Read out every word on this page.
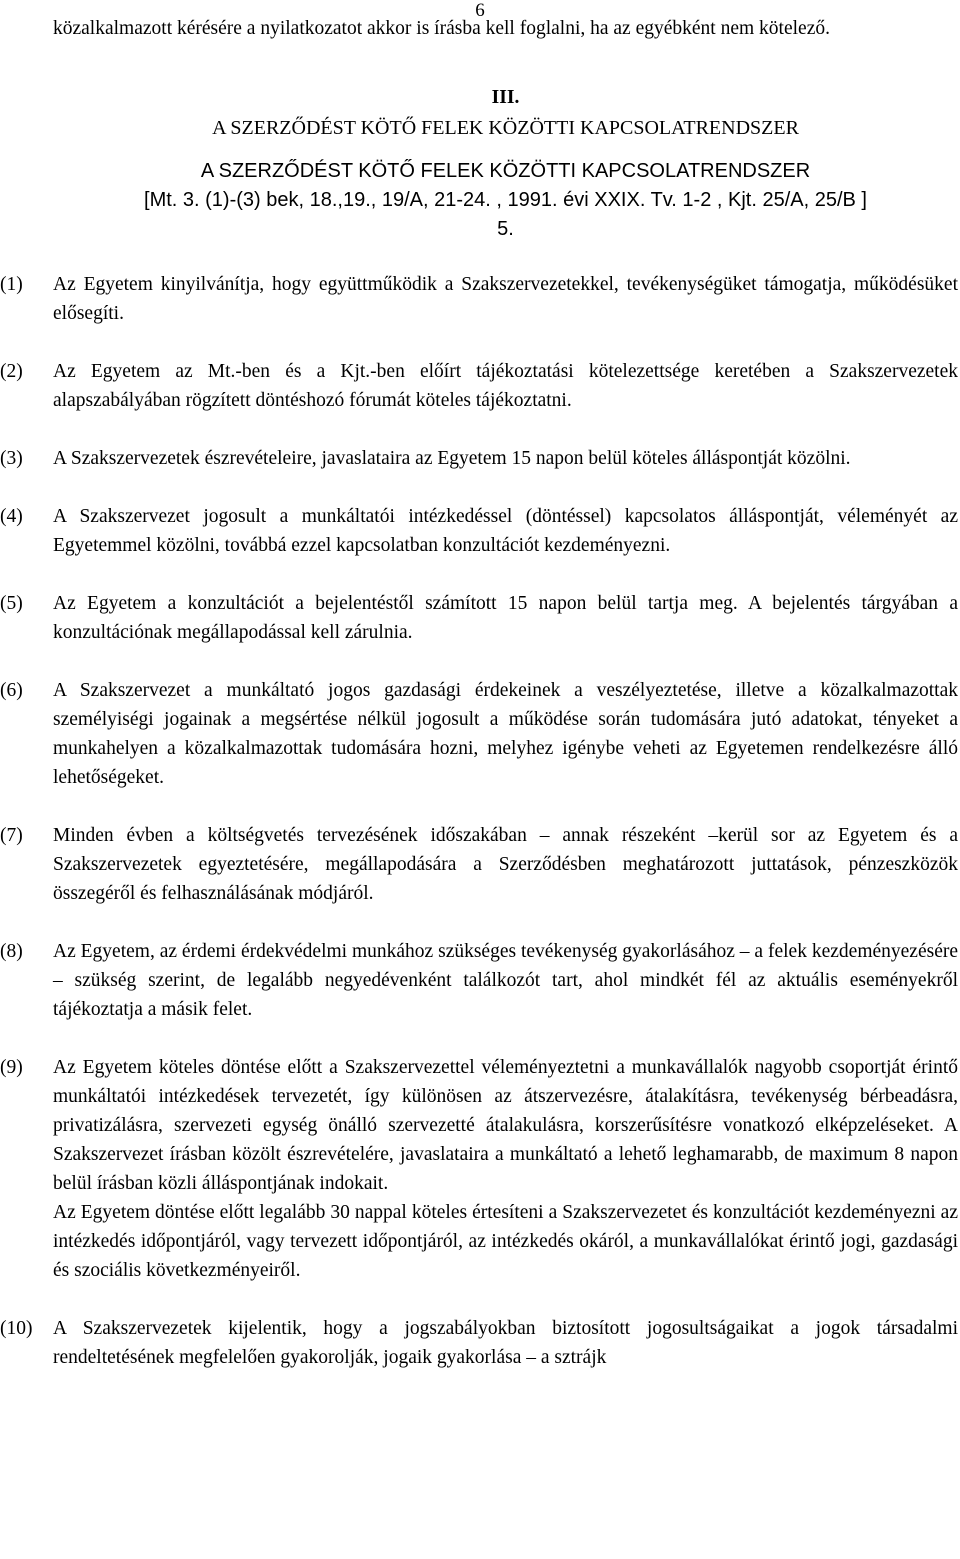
6

közalkalmazott kérésére a nyilatkozatot akkor is írásba kell foglalni, ha az egyébként nem kötelező.

III.
A SZERZŐDÉST KÖTŐ FELEK KÖZÖTTI KAPCSOLATRENDSZER
A SZERZŐDÉST KÖTŐ FELEK KÖZÖTTI KAPCSOLATRENDSZER
[Mt. 3. (1)-(3) bek, 18.,19., 19/A, 21-24. , 1991. évi XXIX. Tv. 1-2 , Kjt. 25/A, 25/B ]
5.
(1)	Az Egyetem kinyilvánítja, hogy együttműködik a Szakszervezetekkel, tevékenységüket támogatja, működésüket elősegíti.

(2)	Az Egyetem az Mt.-ben és a Kjt.-ben előírt tájékoztatási kötelezettsége keretében a Szakszervezetek alapszabályában rögzített döntéshozó fórumát köteles tájékoztatni.

(3)	A Szakszervezetek észrevételeire, javaslataira az Egyetem 15 napon belül köteles álláspontját közölni.

(4)	A Szakszervezet jogosult a munkáltatói intézkedéssel (döntéssel) kapcsolatos álláspontját, véleményét az Egyetemmel közölni, továbbá ezzel kapcsolatban konzultációt kezdeményezni.

(5)	Az Egyetem a konzultációt a bejelentéstől számított 15 napon belül tartja meg. A bejelentés tárgyában a konzultációnak megállapodással kell zárulnia.

(6)	A Szakszervezet a munkáltató jogos gazdasági érdekeinek a veszélyeztetése, illetve a közalkalmazottak személyiségi jogainak a megsértése nélkül jogosult a működése során tudomására jutó adatokat, tényeket a munkahelyen a közalkalmazottak tudomására hozni, melyhez igénybe veheti az Egyetemen rendelkezésre álló lehetőségeket.

(7)	Minden évben a költségvetés tervezésének időszakában – annak részeként –kerül sor az Egyetem és a Szakszervezetek egyeztetésére, megállapodására a Szerződésben meghatározott juttatások, pénzeszközök összegéről és felhasználásának módjáról.

(8)	Az Egyetem, az érdemi érdekvédelmi munkához szükséges tevékenység gyakorlásához – a felek kezdeményezésére – szükség szerint, de legalább negyedévenként találkozót tart, ahol mindkét fél az aktuális eseményekről tájékoztatja a másik felet.

(9)	Az Egyetem köteles döntése előtt a Szakszervezettel véleményeztetni a munkavállalók nagyobb csoportját érintő munkáltatói intézkedések tervezetét, így különösen az átszervezésre, átalakításra, tevékenység bérbeadásra, privatizálásra, szervezeti egység önálló szervezetté átalakulásra, korszerűsítésre vonatkozó elképzeléseket. A Szakszervezet írásban közölt észrevételére, javaslataira a munkáltató a lehető leghamarabb, de maximum 8 napon belül írásban közli álláspontjának indokait.

Az Egyetem döntése előtt legalább 30 nappal köteles értesíteni a Szakszervezetet és konzultációt kezdeményezni az intézkedés időpontjáról, vagy tervezett időpontjáról, az intézkedés okáról, a munkavállalókat érintő jogi, gazdasági és szociális következményeiről.

(10)	A Szakszervezetek kijelentik, hogy a jogszabályokban biztosított jogosultságaikat a jogok társadalmi rendeltetésének megfelelően gyakorolják, jogaik gyakorlása – a sztrájk
